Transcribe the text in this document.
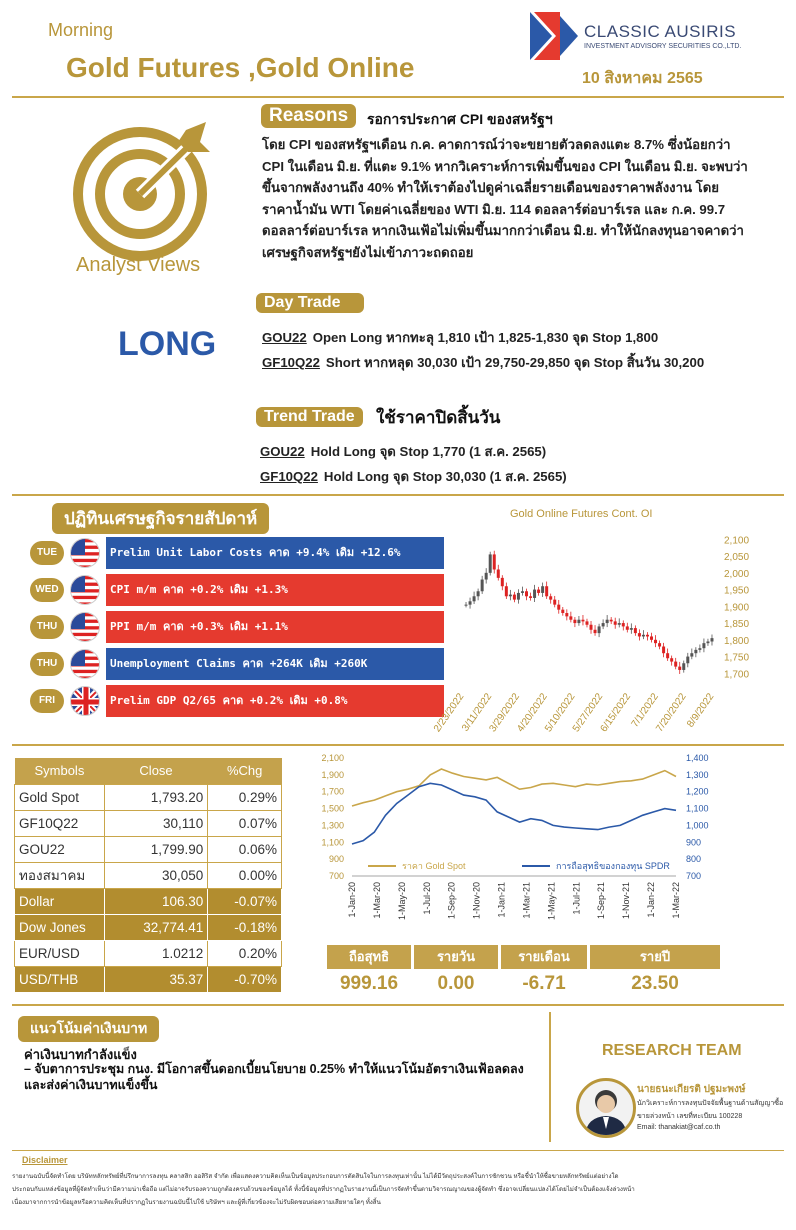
Morning
Gold Futures ,Gold Online
CLASSIC AUSIRIS
INVESTMENT ADVISORY SECURITIES CO.,LTD.
10 สิงหาคม 2565
Analyst Views
LONG
Reasons	รอการประกาศ CPI ของสหรัฐฯ
โดย CPI ของสหรัฐฯเดือน ก.ค. คาดการณ์ว่าจะขยายตัวลดลงแตะ 8.7% ซึ่งน้อยกว่า
CPI ในเดือน มิ.ย. ที่แตะ 9.1% หากวิเคราะห์การเพิ่มขึ้นของ CPI ในเดือน มิ.ย. จะพบว่า
ขึ้นจากพลังงานถึง 40% ทำให้เราต้องไปดูค่าเฉลี่ยรายเดือนของราคาพลังงาน โดย
ราคาน้ำมัน WTI โดยค่าเฉลี่ยของ WTI มิ.ย. 114 ดอลลาร์ต่อบาร์เรล และ ก.ค. 99.7
ดอลลาร์ต่อบาร์เรล หากเงินเฟ้อไม่เพิ่มขึ้นมากกว่าเดือน มิ.ย. ทำให้นักลงทุนอาจคาดว่า
เศรษฐกิจสหรัฐฯยังไม่เข้าภาวะถดถอย
Day Trade
GOU22 Open Long หากทะลุ 1,810 เป้า 1,825-1,830 จุด Stop 1,800
GF10Q22 Short หากหลุด 30,030 เป้า 29,750-29,850 จุด Stop สิ้นวัน 30,200
Trend Trade	ใช้ราคาปิดสิ้นวัน
GOU22 Hold Long จุด Stop 1,770 (1 ส.ค. 2565)
GF10Q22 Hold Long จุด Stop 30,030 (1 ส.ค. 2565)
ปฏิทินเศรษฐกิจรายสัปดาห์
TUE	Prelim Unit Labor Costs คาด +9.4% เดิม +12.6%
WED	CPI m/m คาด +0.2% เดิม +1.3%
THU	PPI m/m คาด +0.3% เดิม +1.1%
THU	Unemployment Claims คาด +264K เดิม +260K
FRI	Prelim GDP Q2/65 คาด +0.2% เดิม +0.8%
Gold Online Futures Cont. OI
2,100
2,050
2,000
1,950
1,900
1,850
1,800
1,750
1,700
2/23/2022
3/11/2022
3/29/2022
4/20/2022
5/10/2022
5/27/2022
6/15/2022
7/1/2022
7/20/2022
8/9/2022
Symbols	Close	%Chg
Gold Spot	1,793.20	0.29%
GF10Q22	30,110	0.07%
GOU22	1,799.90	0.06%
ทองสมาคม	30,050	0.00%
Dollar	106.30	-0.07%
Dow Jones	32,774.41	-0.18%
EUR/USD	1.0212	0.20%
USD/THB	35.37	-0.70%
2,100
1,900
1,700
1,500
1,300
1,100
900
700
1,400
1,300
1,200
1,100
1,000
900
800
700
ราคา Gold Spot	การถือสุทธิของกองทุน SPDR
1-Jan-20 1-Mar-20 1-May-20 1-Jul-20 1-Sep-20 1-Nov-20 1-Jan-21 1-Mar-21 1-May-21 1-Jul-21 1-Sep-21 1-Nov-21 1-Jan-22 1-Mar-22
ถือสุทธิ	รายวัน	รายเดือน	รายปี
999.16	0.00	-6.71	23.50
แนวโน้มค่าเงินบาท
ค่าเงินบาทกำลังแข็ง
– จับตาการประชุม กนง. มีโอกาสขึ้นดอกเบี้ยนโยบาย 0.25% ทำให้แนวโน้มอัตราเงินเฟ้อลดลง
และส่งค่าเงินบาทแข็งขึ้น
RESEARCH TEAM
นายธนะเกียรติ ปฐมะพงษ์
นักวิเคราะห์การลงทุนปัจจัยพื้นฐานด้านสัญญาซื้อ
ขายล่วงหน้า เลขที่ทะเบียน 100228
Email: thanakiat@caf.co.th
Disclaimer
รายงานฉบับนี้จัดทำโดย บริษัทหลักทรัพย์ที่ปรึกษาการลงทุน คลาสสิก ออสิริส จำกัด เพื่อแสดงความคิดเห็นเป็นข้อมูลประกอบการตัดสินใจในการลงทุนเท่านั้น ไม่ได้มีวัตถุประสงค์ในการชักชวน หรือชี้นำให้ซื้อขายหลักทรัพย์แต่อย่างใด
ประกอบกับแหล่งข้อมูลที่ผู้จัดทำเห็นว่ามีความน่าเชื่อถือ แต่ไม่อาจรับรองความถูกต้องครบถ้วนของข้อมูลได้ ทั้งนี้ข้อมูลที่ปรากฏในรายงานนี้เป็นการจัดทำขึ้นตามวิจารณญาณของผู้จัดทำ ซึ่งอาจเปลี่ยนแปลงได้โดยไม่จำเป็นต้องแจ้งล่วงหน้า
เนื่องมาจากการนำข้อมูลหรือความคิดเห็นที่ปรากฏในรายงานฉบับนี้ไปใช้ บริษัทฯ และผู้ที่เกี่ยวข้องจะไม่รับผิดชอบต่อความเสียหายใดๆ ทั้งสิ้น
